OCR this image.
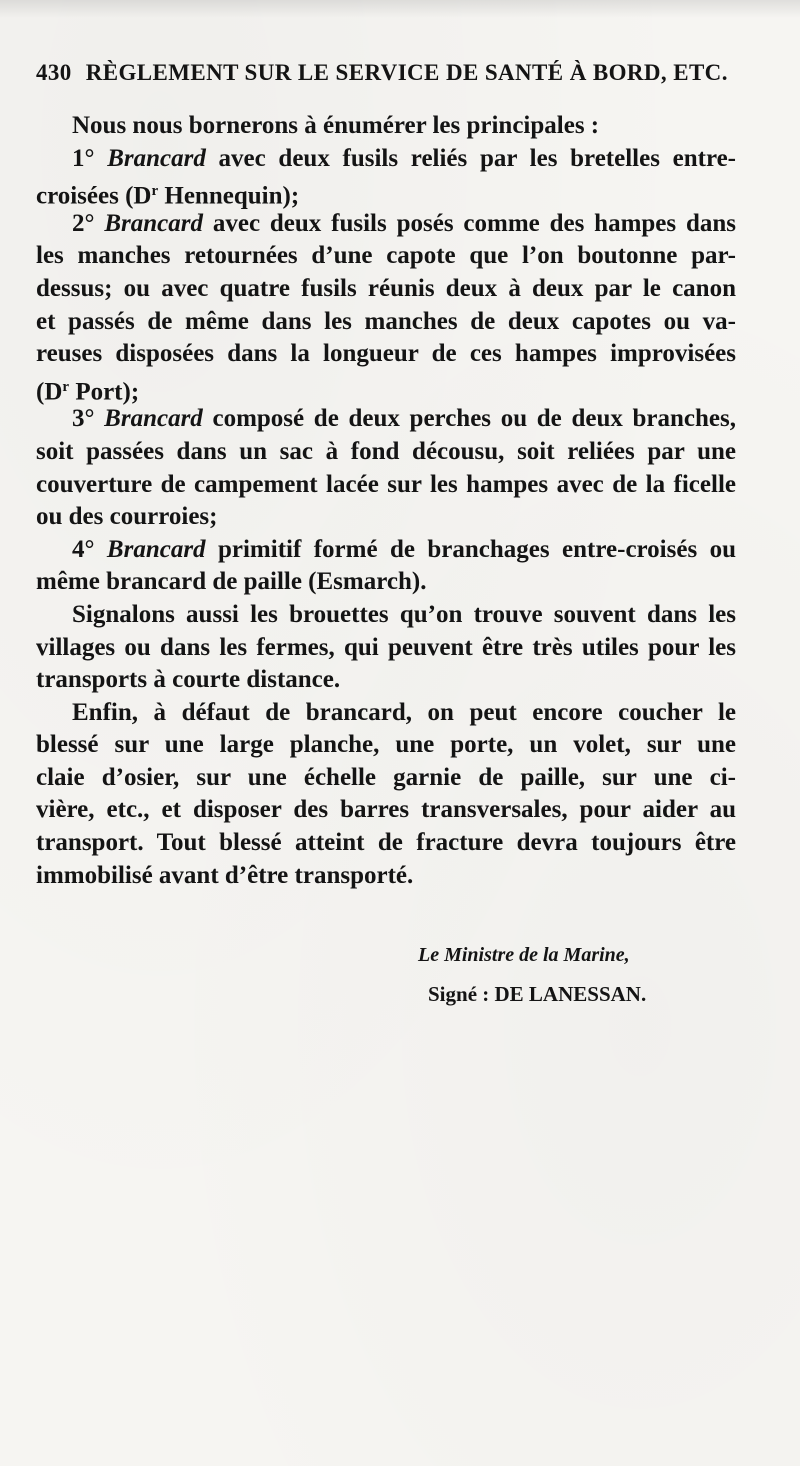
430 RÈGLEMENT SUR LE SERVICE DE SANTÉ À BORD, ETC.
Nous nous bornerons à énumérer les principales :
1° Brancard avec deux fusils reliés par les bretelles entre-
croisées ($D^r$ Hennequin);
2° Brancard avec deux fusils posés comme des hampes dans
les manches retournées d’une capote que l’on boutonne par-
dessus; ou avec quatre fusils réunis deux à deux par le canon
et passés de même dans les manches de deux capotes ou va-
reuses disposées dans la longueur de ces hampes improvisées
($D^r$ Port);
3° Brancard composé de deux perches ou de deux branches,
soit passées dans un sac à fond décousu, soit reliées par une
couverture de campement lacée sur les hampes avec de la ficelle
ou des courroies;
4° Brancard primitif formé de branchages entre-croisés ou
même brancard de paille (Esmarch).
Signalons aussi les brouettes qu’on trouve souvent dans les
villages ou dans les fermes, qui peuvent être très utiles pour les
transports à courte distance.
Enfin, à défaut de brancard, on peut encore coucher le
blessé sur une large planche, une porte, un volet, sur une
claie d’osier, sur une échelle garnie de paille, sur une ci-
vière, etc., et disposer des barres transversales, pour aider au
transport. Tout blessé atteint de fracture devra toujours être
immobilisé avant d’être transporté.
Le Ministre de la Marine,
Signé : DE LANESSAN.
